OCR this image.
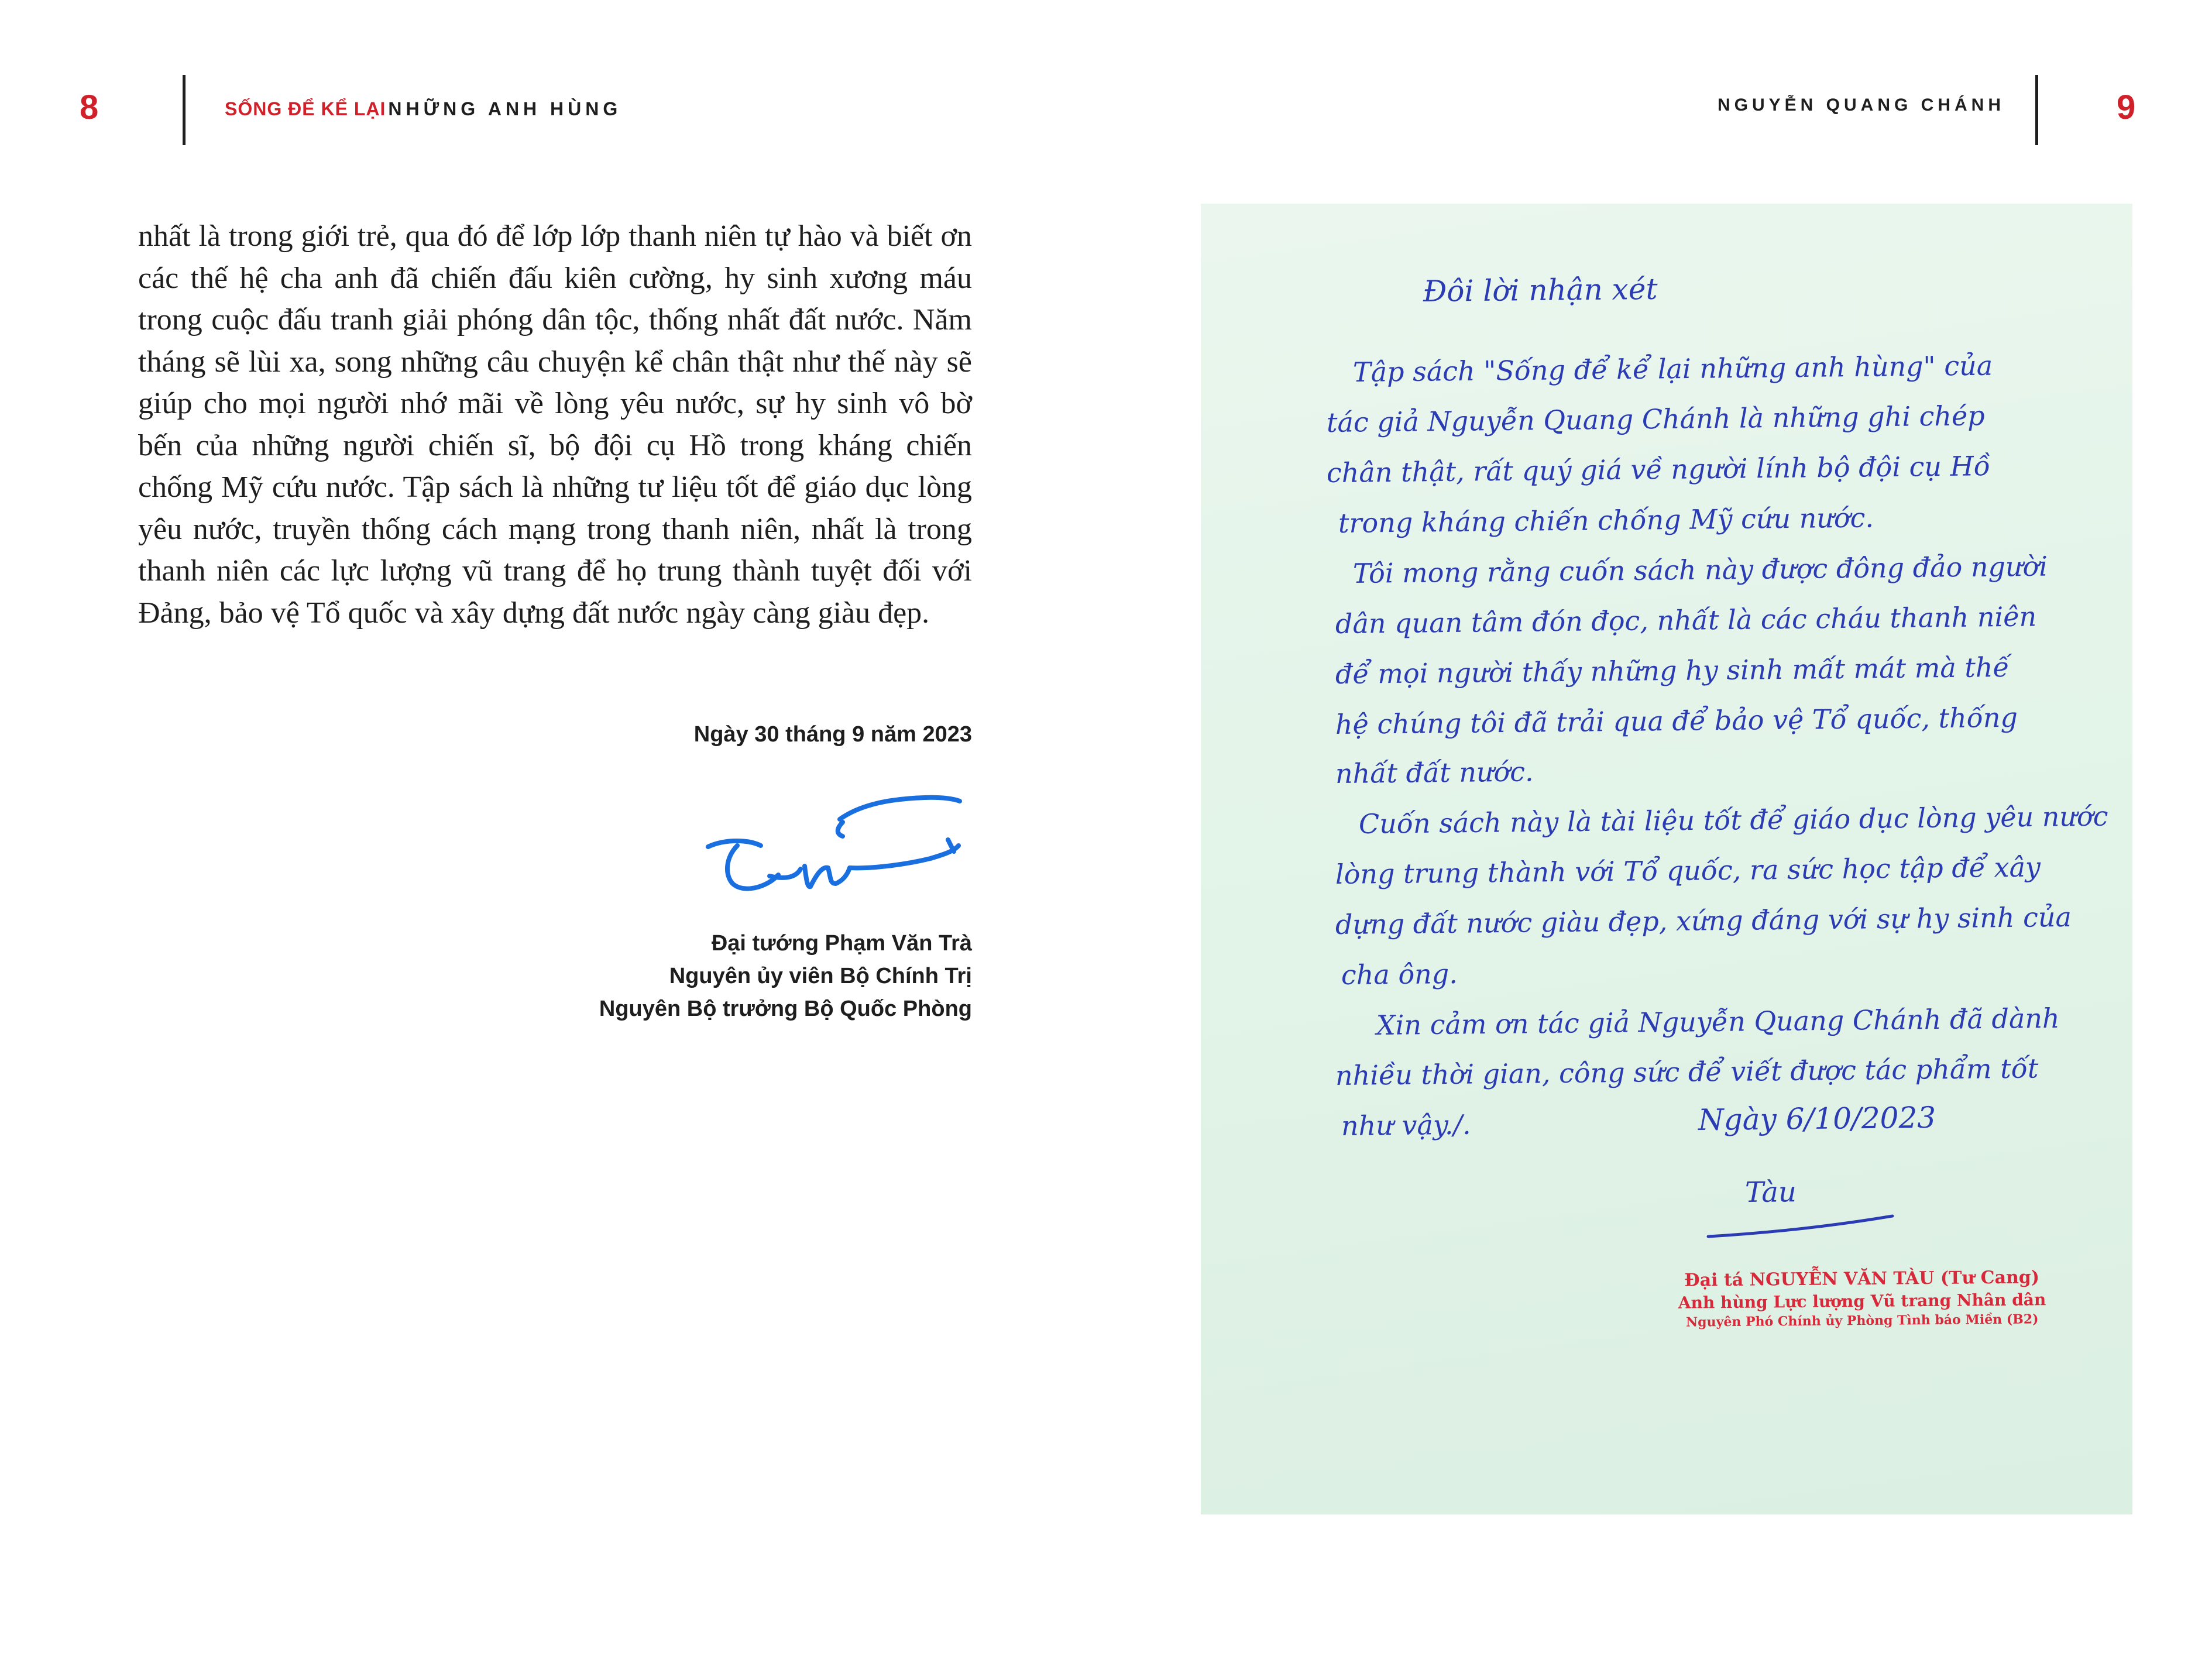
8	SỐNG ĐỂ KỂ LẠI NHỮNG ANH HÙNG	NGUYỄN QUANG CHÁNH	9
nhất là trong giới trẻ, qua đó để lớp lớp thanh niên tự hào và biết ơn các thế hệ cha anh đã chiến đấu kiên cường, hy sinh xương máu trong cuộc đấu tranh giải phóng dân tộc, thống nhất đất nước. Năm tháng sẽ lùi xa, song những câu chuyện kể chân thật như thế này sẽ giúp cho mọi người nhớ mãi về lòng yêu nước, sự hy sinh vô bờ bến của những người chiến sĩ, bộ đội cụ Hồ trong kháng chiến chống Mỹ cứu nước. Tập sách là những tư liệu tốt để giáo dục lòng yêu nước, truyền thống cách mạng trong thanh niên, nhất là trong thanh niên các lực lượng vũ trang để họ trung thành tuyệt đối với Đảng, bảo vệ Tổ quốc và xây dựng đất nước ngày càng giàu đẹp.
Ngày 30 tháng 9 năm 2023
Đại tướng Phạm Văn Trà
Nguyên ủy viên Bộ Chính Trị
Nguyên Bộ trưởng Bộ Quốc Phòng
Đôi lời nhận xét
Tập sách "Sống để kể lại những anh hùng" của
tác giả Nguyễn Quang Chánh là những ghi chép
chân thật, rất quý giá về người lính bộ đội cụ Hồ
trong kháng chiến chống Mỹ cứu nước.
Tôi mong rằng cuốn sách này được đông đảo người
dân quan tâm đón đọc, nhất là các cháu thanh niên
để mọi người thấy những hy sinh mất mát mà thế
hệ chúng tôi đã trải qua để bảo vệ Tổ quốc, thống
nhất đất nước.
Cuốn sách này là tài liệu tốt để giáo dục lòng yêu nước
lòng trung thành với Tổ quốc, ra sức học tập để xây
dựng đất nước giàu đẹp, xứng đáng với sự hy sinh của
cha ông.
Xin cảm ơn tác giả Nguyễn Quang Chánh đã dành
nhiều thời gian, công sức để viết được tác phẩm tốt
như vậy./.	Ngày 6/10/2023
Tàu
Đại tá NGUYỄN VĂN TÀU (Tư Cang)
Anh hùng Lực lượng Vũ trang Nhân dân
Nguyên Phó Chính ủy Phòng Tình báo Miền (B2)
